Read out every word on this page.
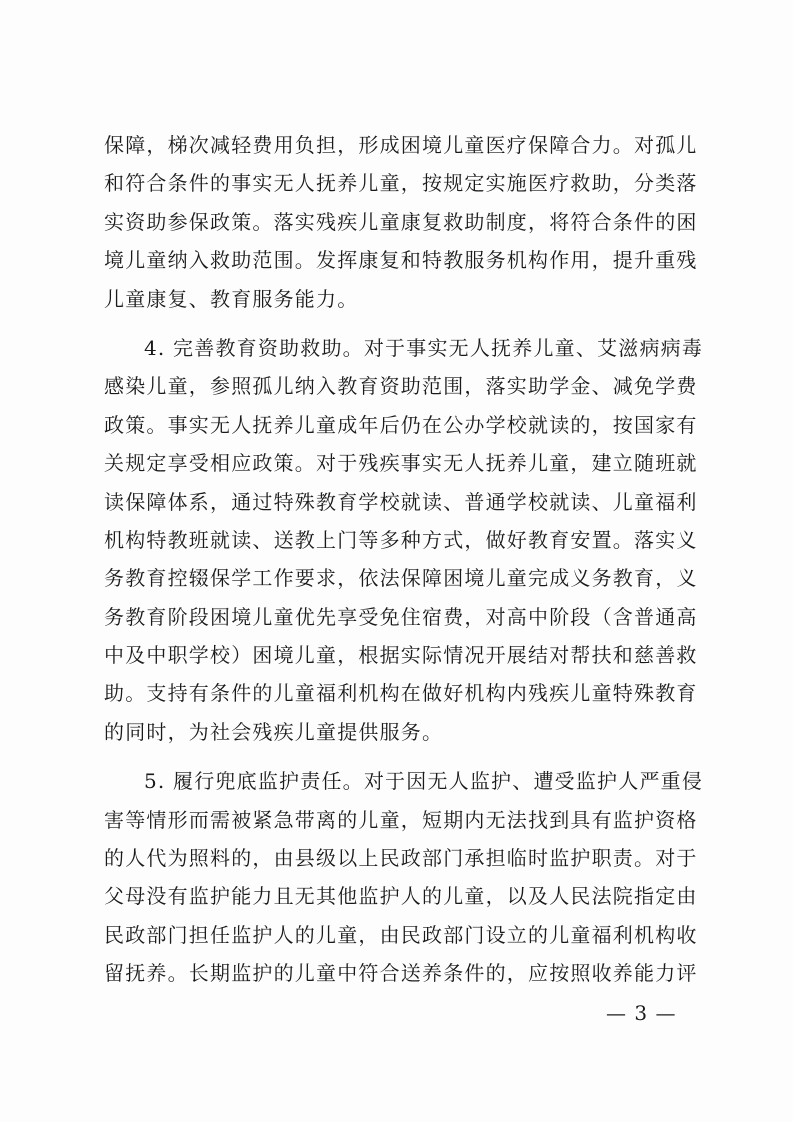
保障，梯次减轻费用负担，形成困境儿童医疗保障合力。对孤儿
和符合条件的事实无人抚养儿童，按规定实施医疗救助，分类落
实资助参保政策。落实残疾儿童康复救助制度，将符合条件的困
境儿童纳入救助范围。发挥康复和特教服务机构作用，提升重残
儿童康复、教育服务能力。
4. 完善教育资助救助。对于事实无人抚养儿童、艾滋病病毒
感染儿童，参照孤儿纳入教育资助范围，落实助学金、减免学费
政策。事实无人抚养儿童成年后仍在公办学校就读的，按国家有
关规定享受相应政策。对于残疾事实无人抚养儿童，建立随班就
读保障体系，通过特殊教育学校就读、普通学校就读、儿童福利
机构特教班就读、送教上门等多种方式，做好教育安置。落实义
务教育控辍保学工作要求，依法保障困境儿童完成义务教育，义
务教育阶段困境儿童优先享受免住宿费，对高中阶段（含普通高
中及中职学校）困境儿童，根据实际情况开展结对帮扶和慈善救
助。支持有条件的儿童福利机构在做好机构内残疾儿童特殊教育
的同时，为社会残疾儿童提供服务。
5. 履行兜底监护责任。对于因无人监护、遭受监护人严重侵
害等情形而需被紧急带离的儿童，短期内无法找到具有监护资格
的人代为照料的，由县级以上民政部门承担临时监护职责。对于
父母没有监护能力且无其他监护人的儿童，以及人民法院指定由
民政部门担任监护人的儿童，由民政部门设立的儿童福利机构收
留抚养。长期监护的儿童中符合送养条件的，应按照收养能力评
— 3 —
